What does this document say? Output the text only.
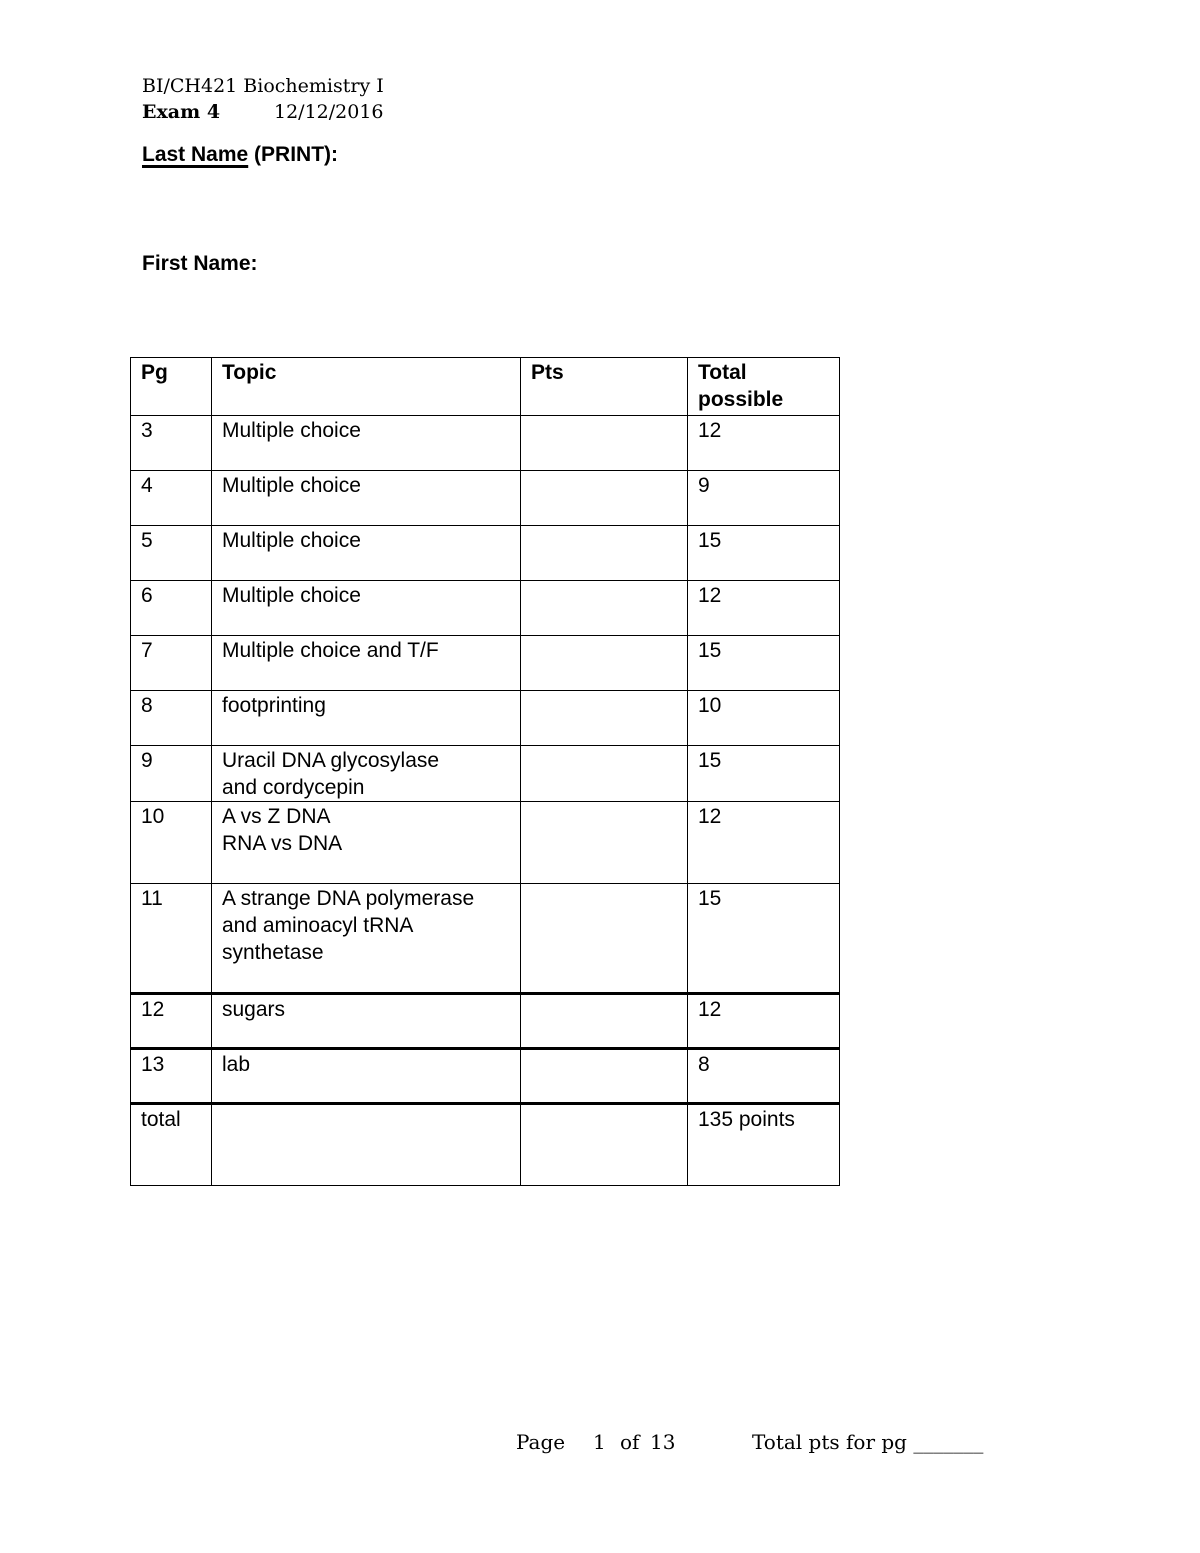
BI/CH421 Biochemistry I
Exam 4	12/12/2016
Last Name (PRINT):
First Name:
Pg	Topic	Pts	Total
possible
3	Multiple choice		12
4	Multiple choice		9
5	Multiple choice		15
6	Multiple choice		12
7	Multiple choice and T/F		15
8	footprinting		10
9	Uracil DNA glycosylase
and cordycepin		15
10	A vs Z DNA
RNA vs DNA		12
11	A strange DNA polymerase
and aminoacyl tRNA
synthetase		15
12	sugars		12
13	lab		8
total			135 points
Page 1 of 13	Total pts for pg _______
